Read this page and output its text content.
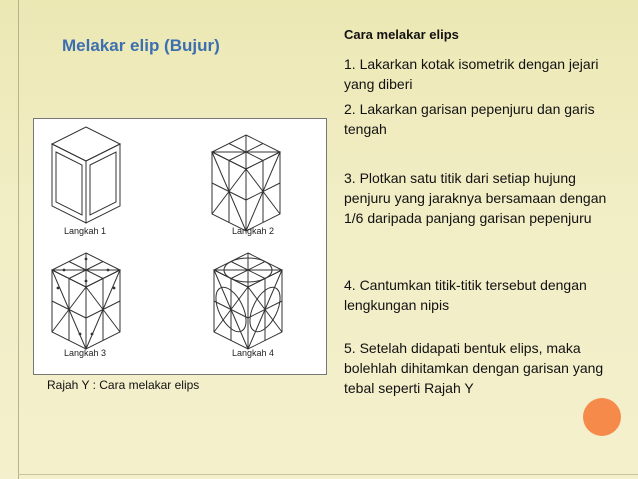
Melakar elip (Bujur)
Langkah 1	Langkah 2
Langkah 3	Langkah 4
Rajah Y : Cara melakar elips
Cara melakar elips
1. Lakarkan kotak isometrik dengan jejari yang diberi
2. Lakarkan garisan pepenjuru dan garis tengah
3. Plotkan satu titik dari setiap hujung penjuru yang jaraknya bersamaan dengan 1/6 daripada panjang garisan pepenjuru
4. Cantumkan titik-titik tersebut dengan lengkungan nipis
5. Setelah didapati bentuk elips, maka bolehlah dihitamkan dengan garisan yang tebal seperti Rajah Y
